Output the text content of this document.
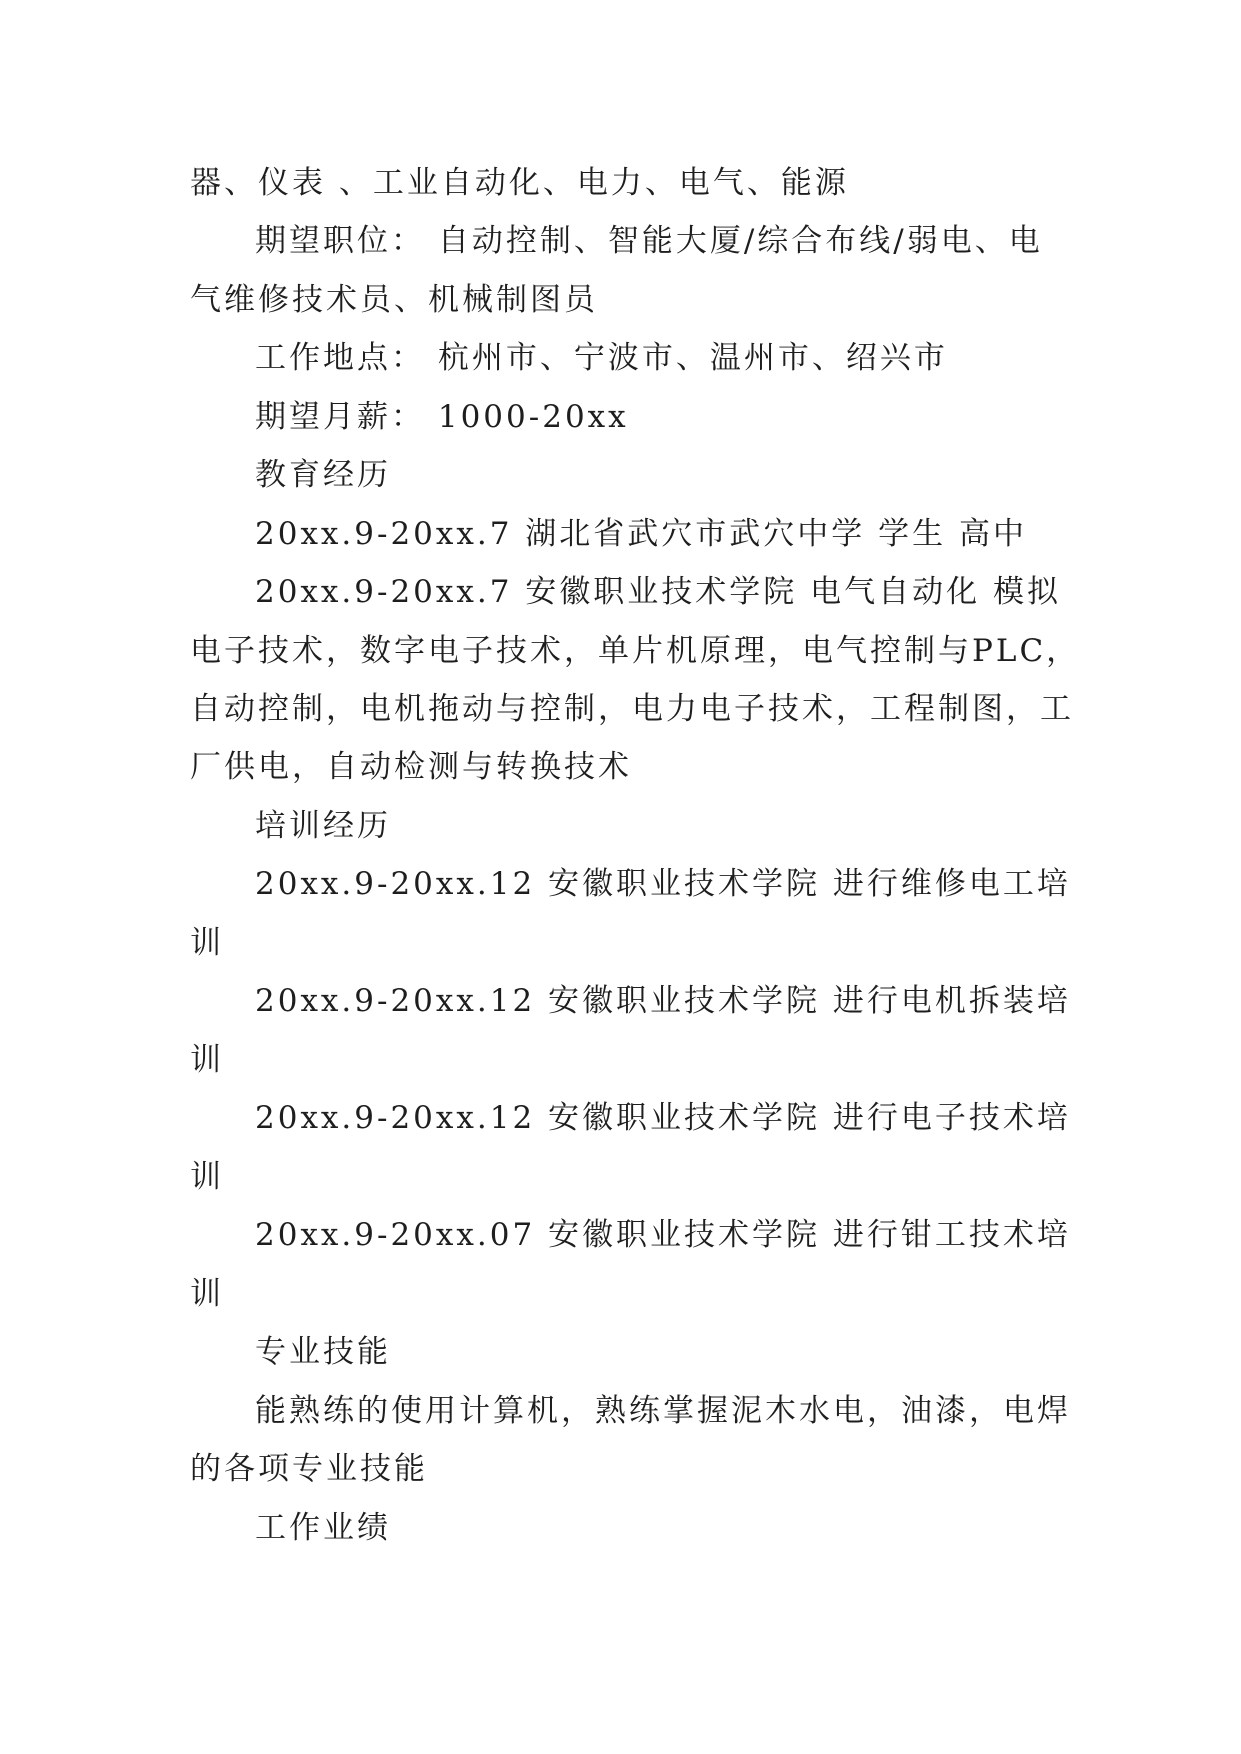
器、仪表 、工业自动化、电力、电气、能源
期望职位： 自动控制、智能大厦/综合布线/弱电、电
气维修技术员、机械制图员
工作地点： 杭州市、宁波市、温州市、绍兴市
期望月薪： 1000-20xx
教育经历
20xx.9-20xx.7 湖北省武穴市武穴中学 学生 高中
20xx.9-20xx.7 安徽职业技术学院 电气自动化 模拟
电子技术，数字电子技术，单片机原理，电气控制与PLC，
自动控制，电机拖动与控制，电力电子技术，工程制图，工
厂供电，自动检测与转换技术
培训经历
20xx.9-20xx.12 安徽职业技术学院 进行维修电工培
训
20xx.9-20xx.12 安徽职业技术学院 进行电机拆装培
训
20xx.9-20xx.12 安徽职业技术学院 进行电子技术培
训
20xx.9-20xx.07 安徽职业技术学院 进行钳工技术培
训
专业技能
能熟练的使用计算机，熟练掌握泥木水电，油漆，电焊
的各项专业技能
工作业绩
